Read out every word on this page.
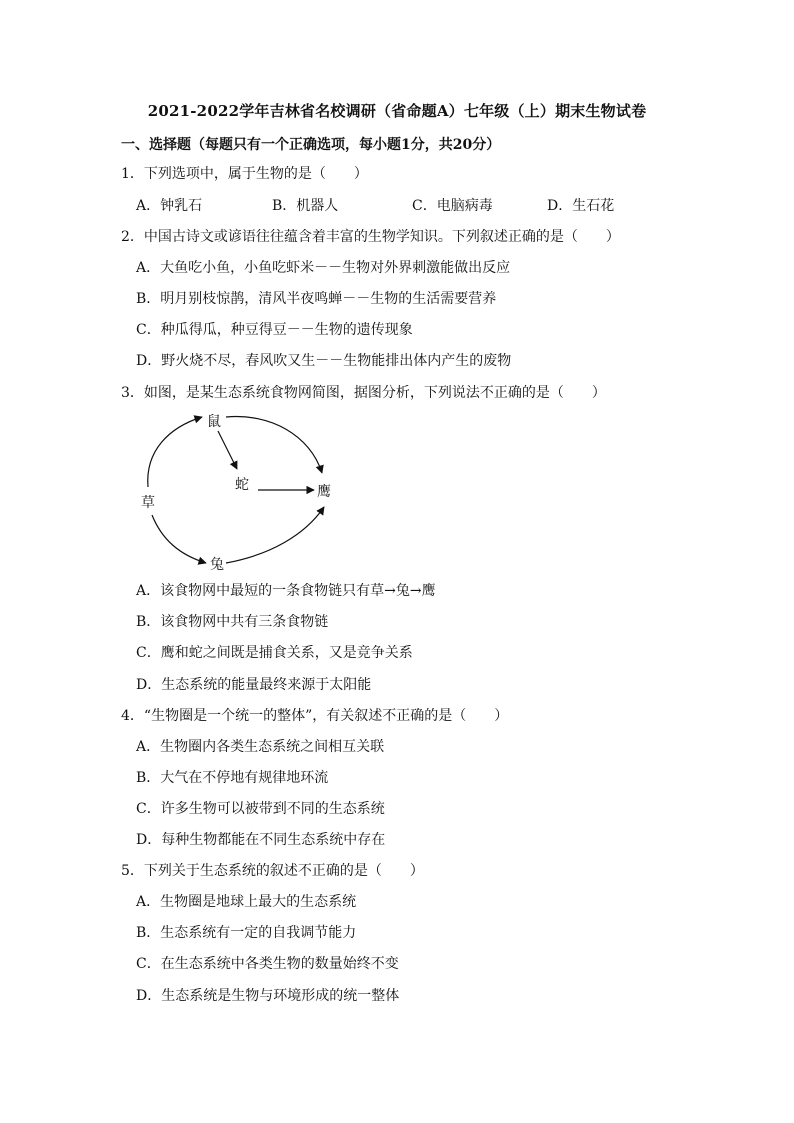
2021-2022学年吉林省名校调研（省命题A）七年级（上）期末生物试卷
一、选择题（每题只有一个正确选项，每小题1分，共20分）
1．下列选项中，属于生物的是（　　）
A．钟乳石	B．机器人	C．电脑病毒	D．生石花
2．中国古诗文或谚语往往蕴含着丰富的生物学知识。下列叙述正确的是（　　）
A．大鱼吃小鱼，小鱼吃虾米－－生物对外界刺激能做出反应
B．明月别枝惊鹊，清风半夜鸣蝉－－生物的生活需要营养
C．种瓜得瓜，种豆得豆－－生物的遗传现象
D．野火烧不尽，春风吹又生－－生物能排出体内产生的废物
3．如图，是某生态系统食物网简图，据图分析，下列说法不正确的是（　　）
鼠
蛇	鹰
草
兔
A．该食物网中最短的一条食物链只有草→兔→鹰
B．该食物网中共有三条食物链
C．鹰和蛇之间既是捕食关系，又是竞争关系
D．生态系统的能量最终来源于太阳能
4．“生物圈是一个统一的整体”，有关叙述不正确的是（　　）
A．生物圈内各类生态系统之间相互关联
B．大气在不停地有规律地环流
C．许多生物可以被带到不同的生态系统
D．每种生物都能在不同生态系统中存在
5．下列关于生态系统的叙述不正确的是（　　）
A．生物圈是地球上最大的生态系统
B．生态系统有一定的自我调节能力
C．在生态系统中各类生物的数量始终不变
D．生态系统是生物与环境形成的统一整体
